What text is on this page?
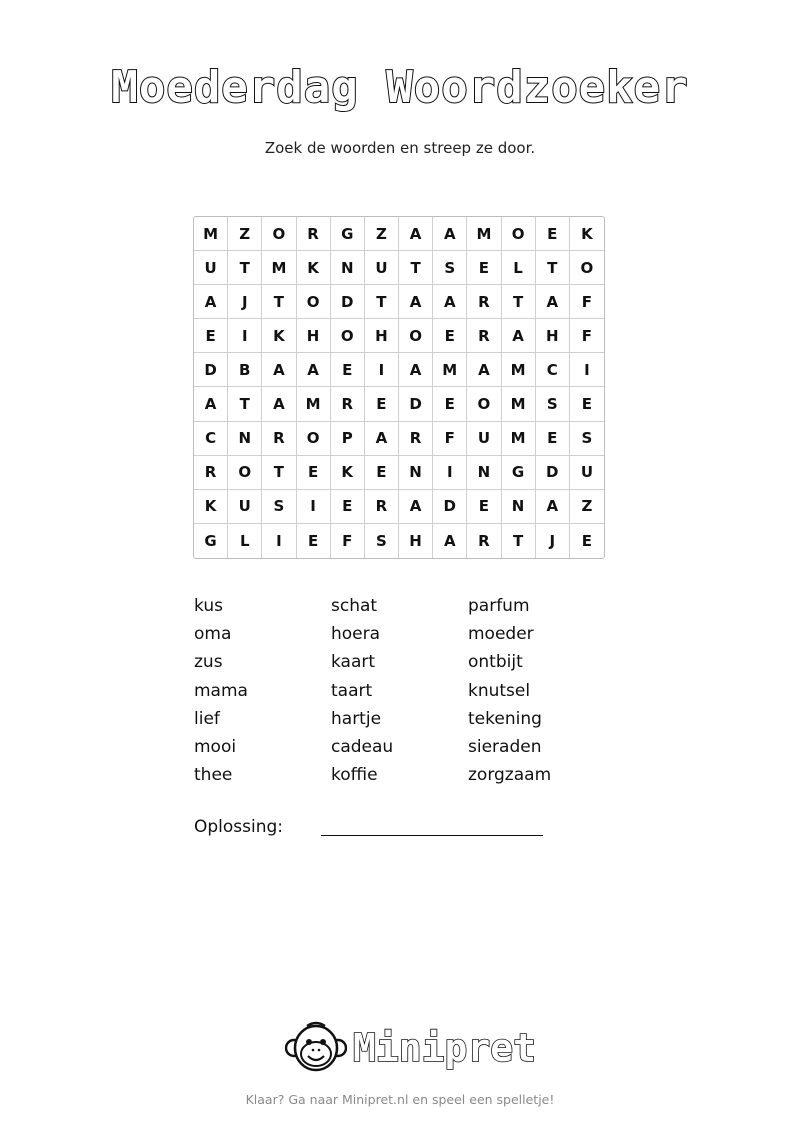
Moederdag Woordzoeker
Zoek de woorden en streep ze door.
M	Z	O	R	G	Z	A	A	M	O	E	K
U	T	M	K	N	U	T	S	E	L	T	O
A	J	T	O	D	T	A	A	R	T	A	F
E	I	K	H	O	H	O	E	R	A	H	F
D	B	A	A	E	I	A	M	A	M	C	I
A	T	A	M	R	E	D	E	O	M	S	E
C	N	R	O	P	A	R	F	U	M	E	S
R	O	T	E	K	E	N	I	N	G	D	U
K	U	S	I	E	R	A	D	E	N	A	Z
G	L	I	E	F	S	H	A	R	T	J	E
kus
oma
zus
mama
lief
mooi
thee
schat
hoera
kaart
taart
hartje
cadeau
koffie
parfum
moeder
ontbijt
knutsel
tekening
sieraden
zorgzaam
Oplossing:
Minipret
Klaar? Ga naar Minipret.nl en speel een spelletje!
